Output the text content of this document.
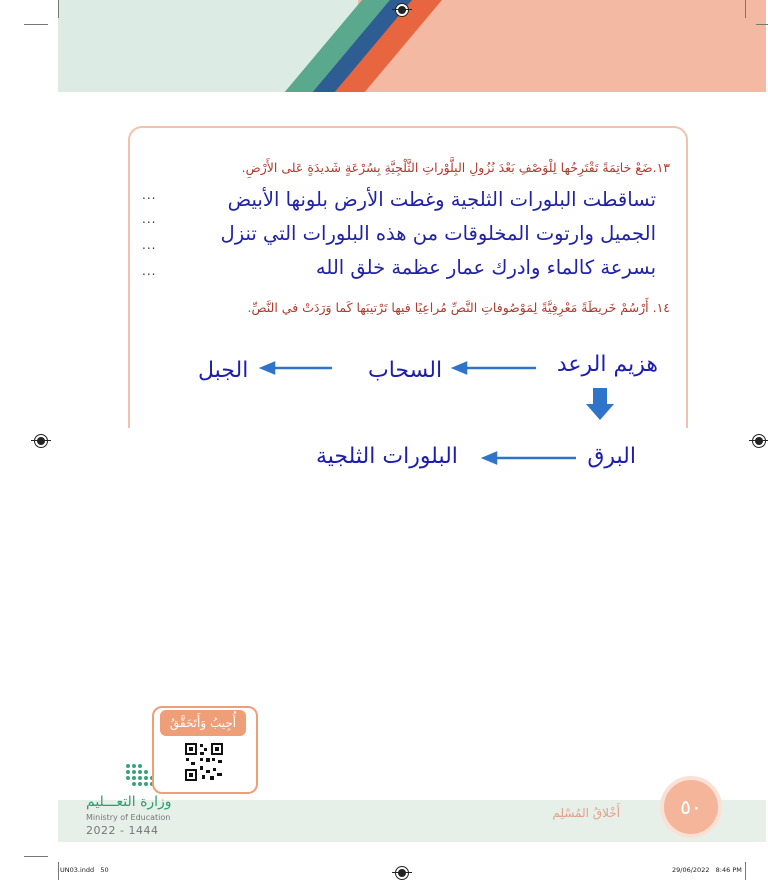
١٣.ضَعْ خاتِمَةً تَقْتَرِحُها لِلْوَصْفِ بَعْدَ نُزُولِ البِلَّوْراتِ الثَّلْجِيَّةِ بِسُرْعَةٍ شَديدَةٍ عَلى الأَرْضِ.
تساقطت البلورات الثلجية وغطت الأرض بلونها الأبيض
الجميل وارتوت المخلوقات من هذه البلورات التي تنزل
بسرعة كالماء وادرك عمار عظمة خلق الله
...
...
...
...
١٤. أَرْسُمْ خَريطَةً مَعْرِفِيَّةً لِمَوْصُوفاتِ النَّصِّ مُراعِيًا فيها تَرْتيبَها كَما وَرَدَتْ في النَّصِّ.
هزيم الرعد
السحاب
الجبل
البرق
البلورات الثلجية
وزارة التعـــليم
Ministry of Education
2022 - 1444
أُجِيبُ وَأَتَحَقَّقُ
أَخْلاقُ المُسْلِم	٥٠
UN03.indd   50	29/06/2022   8:46 PM
